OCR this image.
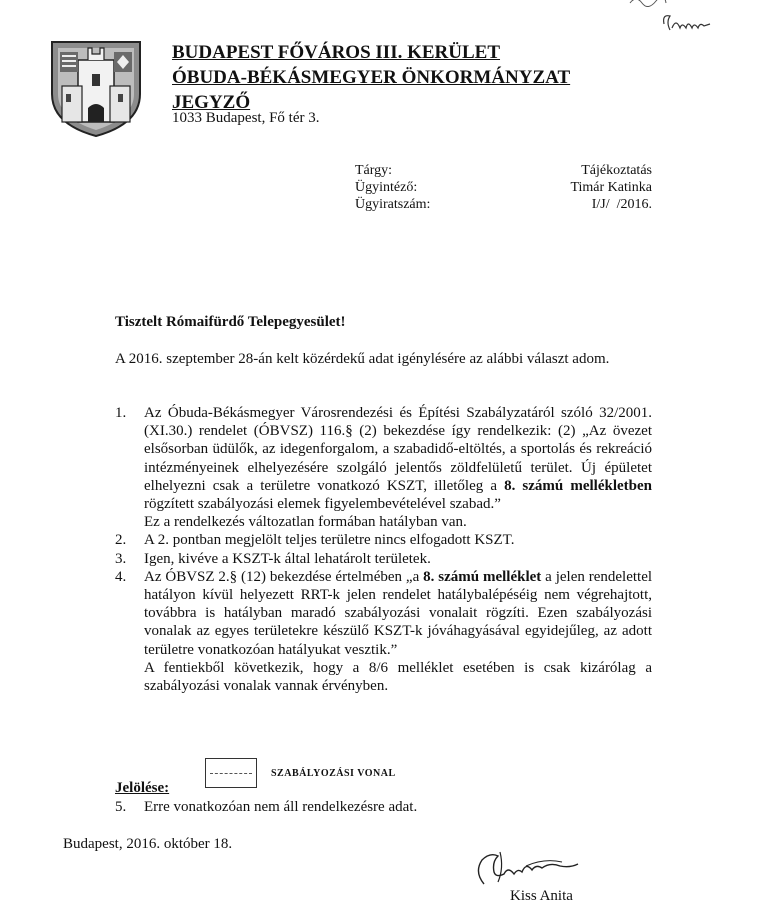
BUDAPEST FŐVÁROS III. KERÜLET
ÓBUDA-BÉKÁSMEGYER ÖNKORMÁNYZAT
JEGYZŐ
1033 Budapest, Fő tér 3.
Tárgy:	Tájékoztatás
Ügyintéző:	Timár Katinka
Ügyiratszám:	I/J/  /2016.
Tisztelt Rómaifürdő Telepegyesület!
A 2016. szeptember 28-án kelt közérdekű adat igénylésére az alábbi választ adom.
1. Az Óbuda-Békásmegyer Városrendezési és Építési Szabályzatáról szóló 32/2001.(XI.30.) rendelet (ÓBVSZ) 116.§ (2) bekezdése így rendelkezik: (2) „Az övezet elsősorban üdülők, az idegenforgalom, a szabadidő-eltöltés, a sportolás és rekreáció intézményeinek elhelyezésére szolgáló jelentős zöldfelületű terület. Új épületet elhelyezni csak a területre vonatkozó KSZT, illetőleg a 8. számú mellékletben rögzített szabályozási elemek figyelembevételével szabad.”

Ez a rendelkezés változatlan formában hatályban van.

2. A 2. pontban megjelölt teljes területre nincs elfogadott KSZT.

3. Igen, kivéve a KSZT-k által lehatárolt területek.

4. Az ÓBVSZ 2.§ (12) bekezdése értelmében „a 8. számú melléklet a jelen rendelettel hatályon kívül helyezett RRT-k jelen rendelet hatálybalépéséig nem végrehajtott, továbbra is hatályban maradó szabályozási vonalait rögzíti. Ezen szabályozási vonalak az egyes területekre készülő KSZT-k jóváhagyásával egyidejűleg, az adott területre vonatkozóan hatályukat vesztik.”

A fentiekből következik, hogy a 8/6 melléklet esetében is csak kizárólag a szabályozási vonalak vannak érvényben.

SZABÁLYOZÁSI VONAL
Jelölése:
5. Erre vonatkozóan nem áll rendelkezésre adat.

Budapest, 2016. október 18.
Kiss Anita
